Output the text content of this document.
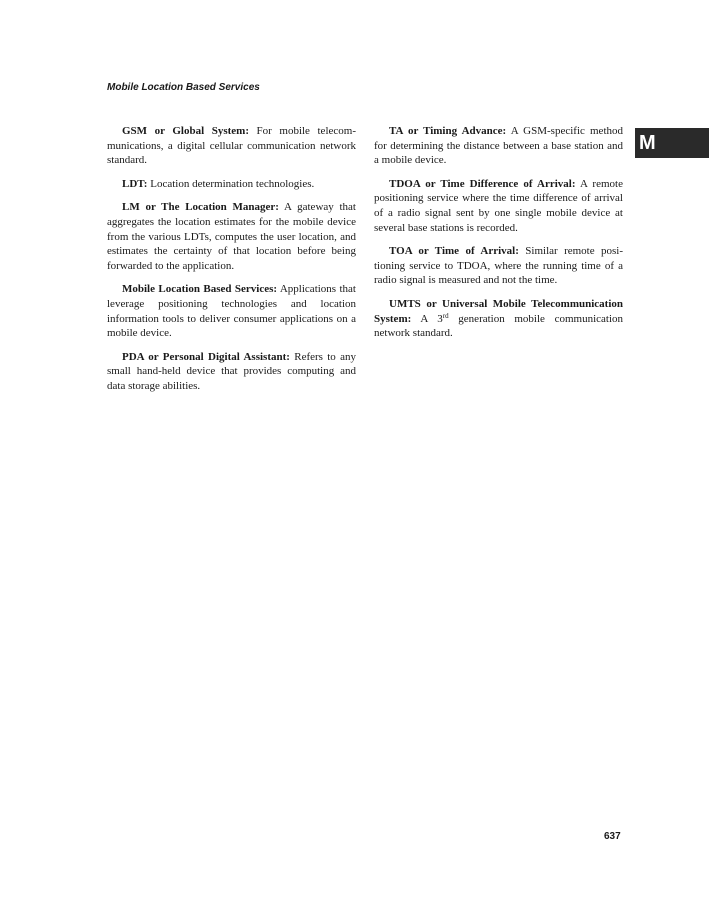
Mobile Location Based Services
M

GSM or Global System: For mobile telecommunications, a digital cellular communication network standard.

LDT: Location determination technologies.

LM or The Location Manager: A gateway that aggregates the location estimates for the mobile device from the various LDTs, computes the user location, and estimates the certainty of that location before being forwarded to the application.

Mobile Location Based Services: Applications that leverage positioning technologies and location information tools to deliver consumer applications on a mobile device.

PDA or Personal Digital Assistant: Refers to any small hand-held device that provides computing and data storage abilities.

TA or Timing Advance: A GSM-specific method for determining the distance between a base station and a mobile device.

TDOA or Time Difference of Arrival: A remote positioning service where the time difference of arrival of a radio signal sent by one single mobile device at several base stations is recorded.

TOA or Time of Arrival: Similar remote positioning service to TDOA, where the running time of a radio signal is measured and not the time.

UMTS or Universal Mobile Telecommunication System: A 3rd generation mobile communication network standard.

637
